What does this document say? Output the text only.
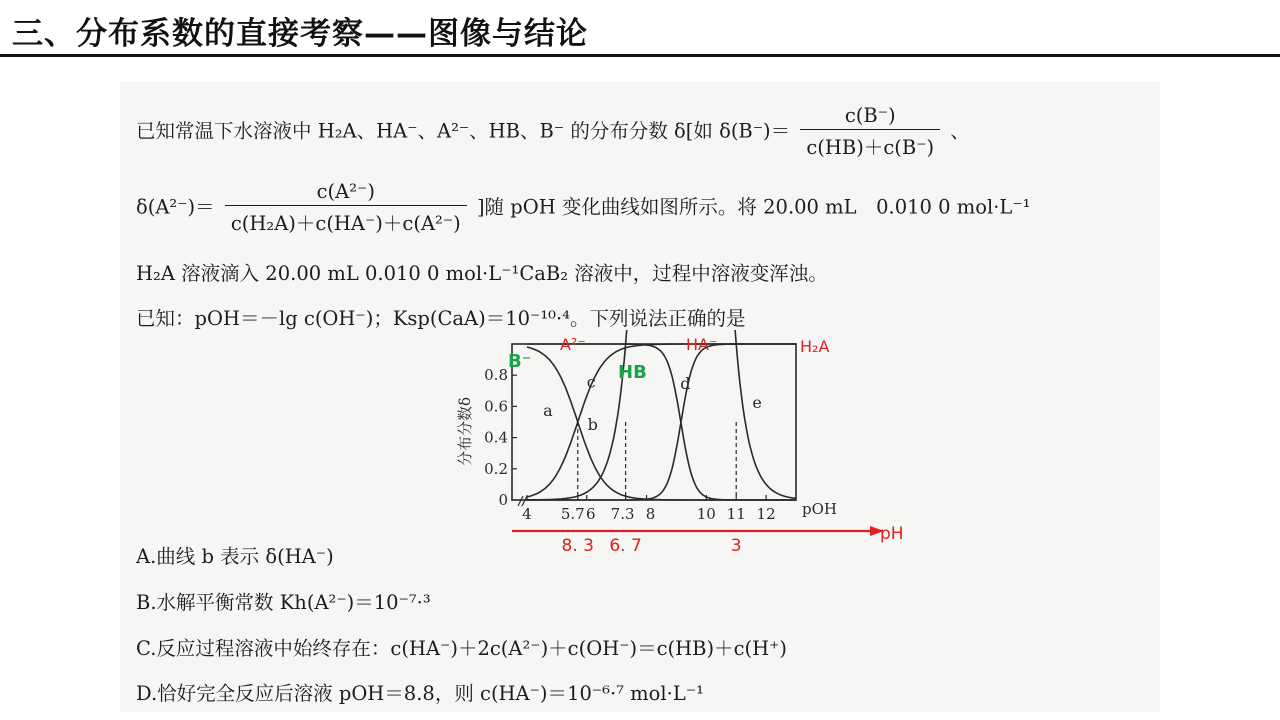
三、分布系数的直接考察——图像与结论
已知常温下水溶液中 H₂A、HA⁻、A²⁻、HB、B⁻ 的分布分数 δ[如 $\delta(B^-)= \frac{c(B^-)}{c(HB)+c(B^-)}$ 、
$\delta(A^{2-})= \frac{\text{c(A²⁻)}}{\text{c(H₂A)＋c(HA⁻)＋c(A²⁻)}}$ ]随 pOH 变化曲线如图所示。将 20.00 mL　0.010 0 mol·L⁻¹
H₂A 溶液滴入 20.00 mL 0.010 0 mol·L⁻¹CaB₂ 溶液中，过程中溶液变浑浊。
已知：pOH＝－lg c(OH⁻)；Ksp(CaA)＝10⁻¹⁰·⁴。下列说法正确的是
0
0.2
0.4
0.6
0.8
4 5.7 6 7.3 8	10 11 12 pOH
分布分数δ	a
b
c	d
e
B⁻
HB
A²⁻	HA⁻	H₂A
pH
8. 3 6. 7	3
A.曲线 b 表示 δ(HA⁻)
B.水解平衡常数 Kh(A²⁻)＝10⁻⁷·³
C.反应过程溶液中始终存在：c(HA⁻)＋2c(A²⁻)＋c(OH⁻)＝c(HB)＋c(H⁺)
D.恰好完全反应后溶液 pOH＝8.8，则 c(HA⁻)＝10⁻⁶·⁷ mol·L⁻¹
